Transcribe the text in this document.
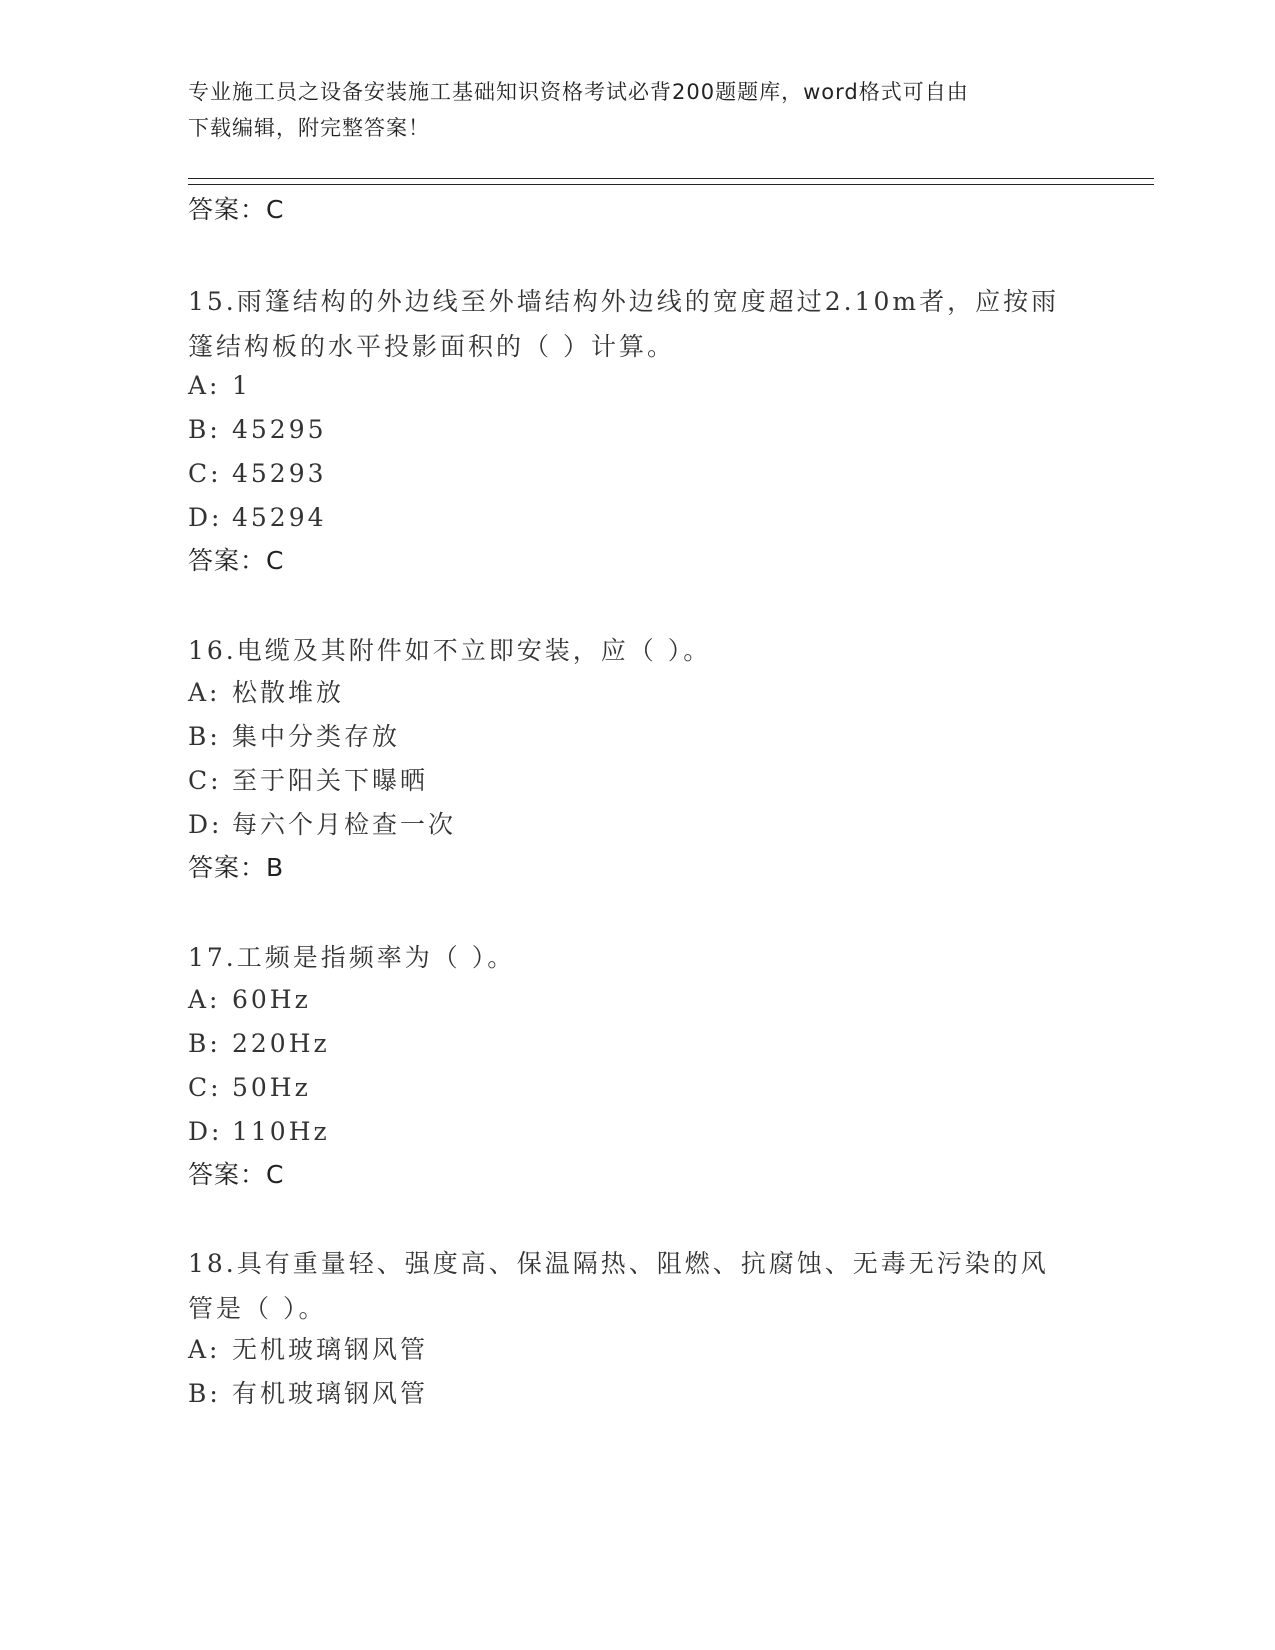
专业施工员之设备安装施工基础知识资格考试必背200题题库，word格式可自由
下载编辑，附完整答案！
答案：C
15.雨篷结构的外边线至外墙结构外边线的宽度超过2.10m者，应按雨
篷结构板的水平投影面积的（ ）计算。
A: 1
B: 45295
C: 45293
D: 45294
答案：C
16.电缆及其附件如不立即安装，应（ ）。
A: 松散堆放
B: 集中分类存放
C: 至于阳关下曝晒
D: 每六个月检查一次
答案：B
17.工频是指频率为（ ）。
A: 60Hz
B: 220Hz
C: 50Hz
D: 110Hz
答案：C
18.具有重量轻、强度高、保温隔热、阻燃、抗腐蚀、无毒无污染的风
管是（ ）。
A: 无机玻璃钢风管
B: 有机玻璃钢风管
